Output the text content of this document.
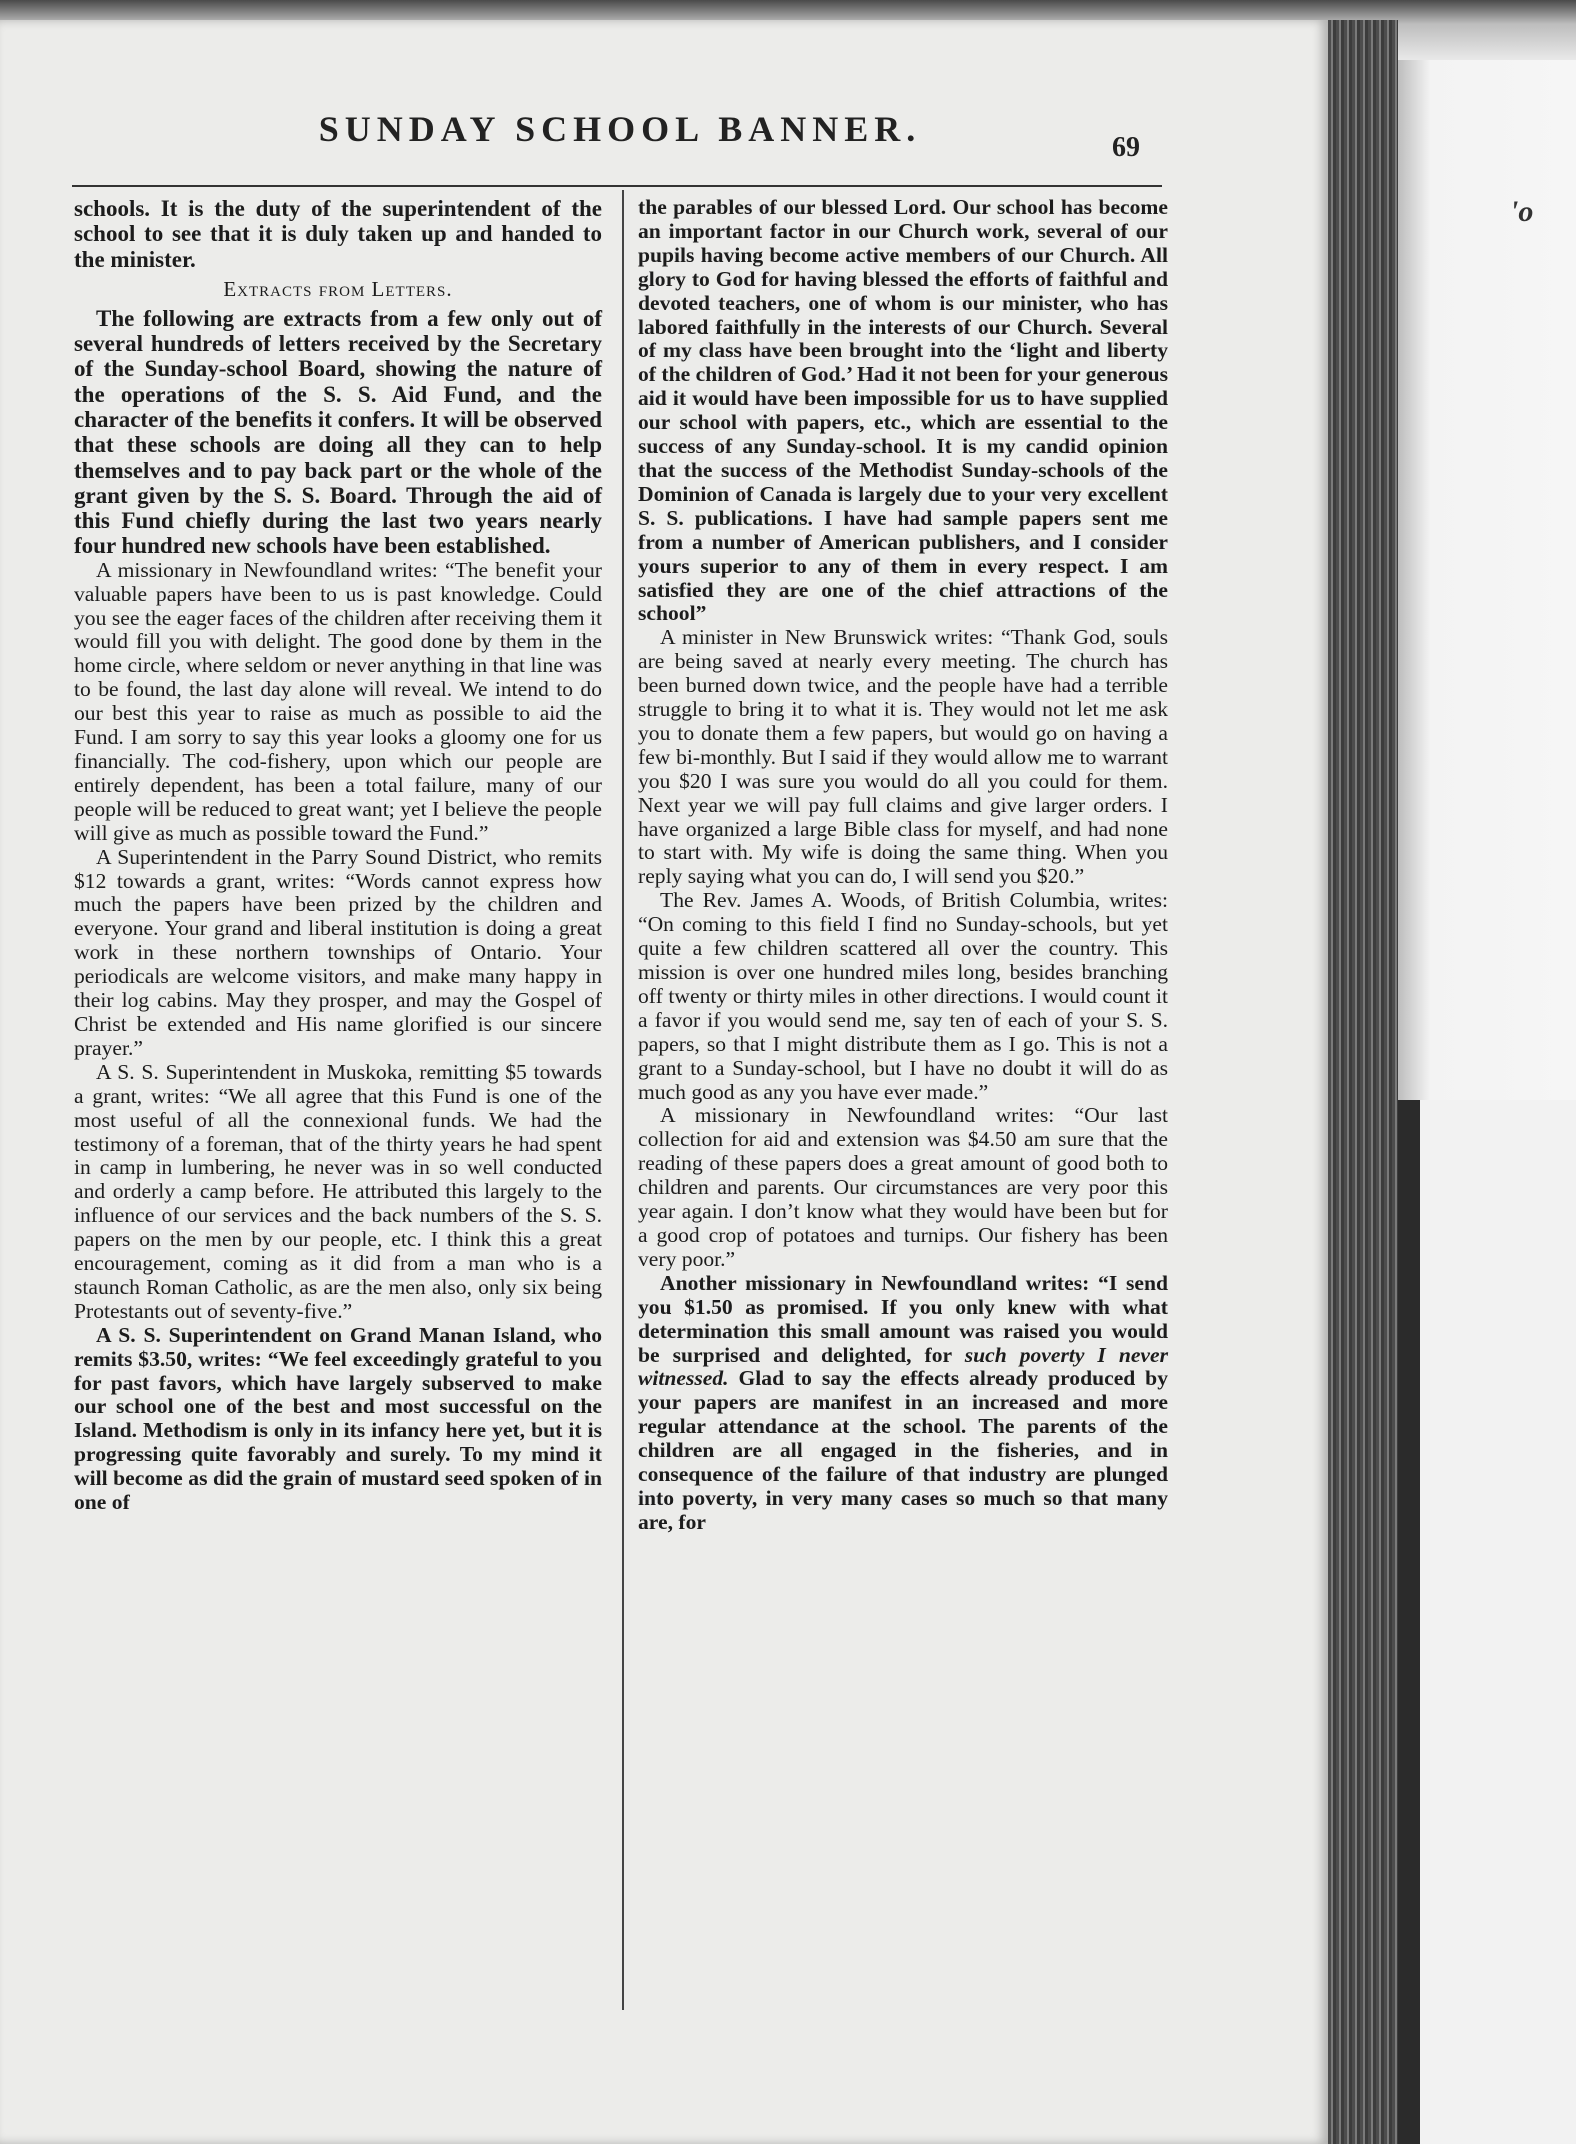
'o
SUNDAY SCHOOL BANNER.	69

schools. It is the duty of the superintendent of the school to see that it is duly taken up and handed to the minister.

Extracts from Letters.

The following are extracts from a few only out of several hundreds of letters received by the Secretary of the Sunday-school Board, showing the nature of the operations of the S. S. Aid Fund, and the character of the benefits it confers. It will be observed that these schools are doing all they can to help themselves and to pay back part or the whole of the grant given by the S. S. Board. Through the aid of this Fund chiefly during the last two years nearly four hundred new schools have been established.

A missionary in Newfoundland writes: “The benefit your valuable papers have been to us is past knowledge. Could you see the eager faces of the children after receiving them it would fill you with delight. The good done by them in the home circle, where seldom or never anything in that line was to be found, the last day alone will reveal. We intend to do our best this year to raise as much as possible to aid the Fund. I am sorry to say this year looks a gloomy one for us financially. The cod-fishery, upon which our people are entirely dependent, has been a total failure, many of our people will be reduced to great want; yet I believe the people will give as much as possible toward the Fund.”

A Superintendent in the Parry Sound District, who remits $12 towards a grant, writes: “Words cannot express how much the papers have been prized by the children and everyone. Your grand and liberal institution is doing a great work in these northern townships of Ontario. Your periodicals are welcome visitors, and make many happy in their log cabins. May they prosper, and may the Gospel of Christ be extended and His name glorified is our sincere prayer.”

A S. S. Superintendent in Muskoka, remitting $5 towards a grant, writes: “We all agree that this Fund is one of the most useful of all the connexional funds. We had the testimony of a foreman, that of the thirty years he had spent in camp in lumbering, he never was in so well conducted and orderly a camp before. He attributed this largely to the influence of our services and the back numbers of the S. S. papers on the men by our people, etc. I think this a great encouragement, coming as it did from a man who is a staunch Roman Catholic, as are the men also, only six being Protestants out of seventy-five.”

A S. S. Superintendent on Grand Manan Island, who remits $3.50, writes: “We feel exceedingly grateful to you for past favors, which have largely subserved to make our school one of the best and most successful on the Island. Methodism is only in its infancy here yet, but it is progressing quite favorably and surely. To my mind it will become as did the grain of mustard seed spoken of in one of

the parables of our blessed Lord. Our school has become an important factor in our Church work, several of our pupils having become active members of our Church. All glory to God for having blessed the efforts of faithful and devoted teachers, one of whom is our minister, who has labored faithfully in the interests of our Church. Several of my class have been brought into the ‘light and liberty of the children of God.’ Had it not been for your generous aid it would have been impossible for us to have supplied our school with papers, etc., which are essential to the success of any Sunday-school. It is my candid opinion that the success of the Methodist Sunday-schools of the Dominion of Canada is largely due to your very excellent S. S. publications. I have had sample papers sent me from a number of American publishers, and I consider yours superior to any of them in every respect. I am satisfied they are one of the chief attractions of the school”

A minister in New Brunswick writes: “Thank God, souls are being saved at nearly every meeting. The church has been burned down twice, and the people have had a terrible struggle to bring it to what it is. They would not let me ask you to donate them a few papers, but would go on having a few bi-monthly. But I said if they would allow me to warrant you $20 I was sure you would do all you could for them. Next year we will pay full claims and give larger orders. I have organized a large Bible class for myself, and had none to start with. My wife is doing the same thing. When you reply saying what you can do, I will send you $20.”

The Rev. James A. Woods, of British Columbia, writes: “On coming to this field I find no Sunday-schools, but yet quite a few children scattered all over the country. This mission is over one hundred miles long, besides branching off twenty or thirty miles in other directions. I would count it a favor if you would send me, say ten of each of your S. S. papers, so that I might distribute them as I go. This is not a grant to a Sunday-school, but I have no doubt it will do as much good as any you have ever made.”

A missionary in Newfoundland writes: “Our last collection for aid and extension was $4.50 am sure that the reading of these papers does a great amount of good both to children and parents. Our circumstances are very poor this year again. I don’t know what they would have been but for a good crop of potatoes and turnips. Our fishery has been very poor.”

Another missionary in Newfoundland writes: “I send you $1.50 as promised. If you only knew with what determination this small amount was raised you would be surprised and delighted, for such poverty I never witnessed. Glad to say the effects already produced by your papers are manifest in an increased and more regular attendance at the school. The parents of the children are all engaged in the fisheries, and in consequence of the failure of that industry are plunged into poverty, in very many cases so much so that many are, for
